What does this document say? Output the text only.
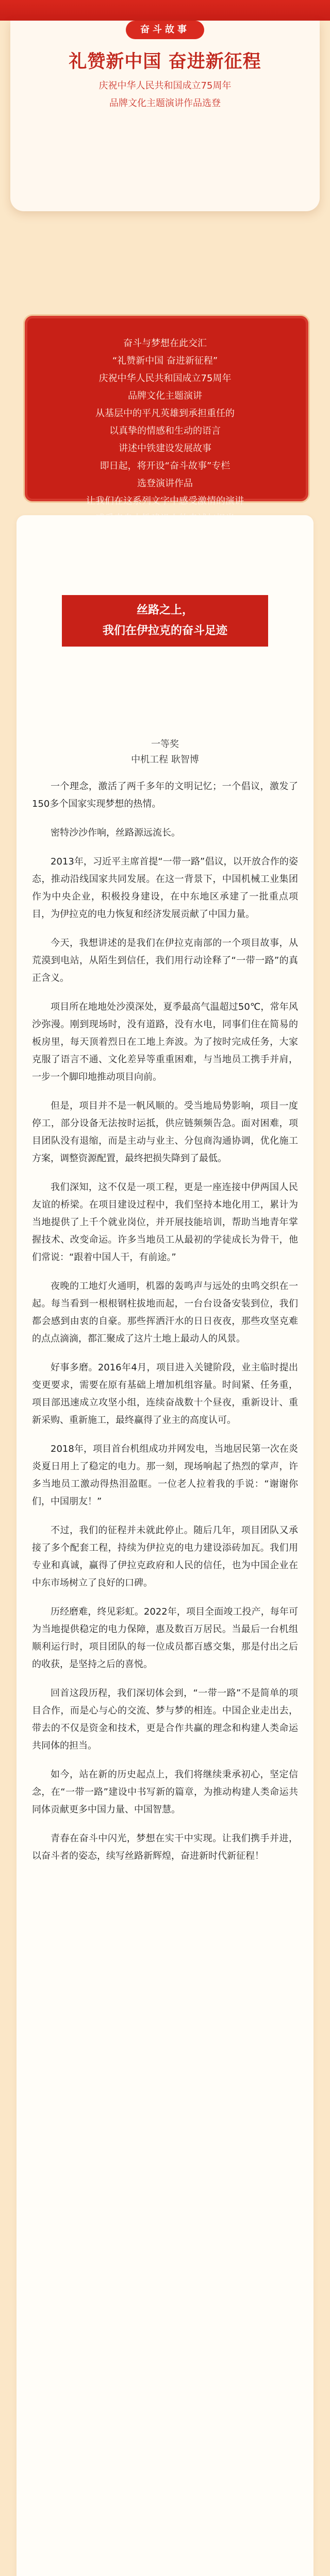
奋斗故事
礼赞新中国 奋进新征程
庆祝中华人民共和国成立75周年
品牌文化主题演讲作品选登
奋斗与梦想在此交汇
“礼赞新中国 奋进新征程”
庆祝中华人民共和国成立75周年
品牌文化主题演讲
从基层中的平凡英雄到承担重任的
以真挚的情感和生动的语言
讲述中铁建设发展故事
即日起，将开设“奋斗故事”专栏
选登演讲作品
让我们在这系列文字中感受激情的演讲

丝路之上，
我们在伊拉克的奋斗足迹
一等奖
中机工程 耿智博

一个理念，激活了两千多年的文明记忆；一个倡议，激发了150多个国家实现梦想的热情。

密特沙沙作响，丝路源远流长。

2013年，习近平主席首提“一带一路”倡议，以开放合作的姿态，推动沿线国家共同发展。在这一背景下，中国机械工业集团作为中央企业，积极投身建设，在中东地区承建了一批重点项目，为伊拉克的电力恢复和经济发展贡献了中国力量。

今天，我想讲述的是我们在伊拉克南部的一个项目故事，从荒漠到电站，从陌生到信任，我们用行动诠释了“一带一路”的真正含义。

项目所在地地处沙漠深处，夏季最高气温超过50℃，常年风沙弥漫。刚到现场时，没有道路，没有水电，同事们住在简易的板房里，每天顶着烈日在工地上奔波。为了按时完成任务，大家克服了语言不通、文化差异等重重困难，与当地员工携手并肩，一步一个脚印地推动项目向前。

但是，项目并不是一帆风顺的。受当地局势影响，项目一度停工，部分设备无法按时运抵，供应链频频告急。面对困难，项目团队没有退缩，而是主动与业主、分包商沟通协调，优化施工方案，调整资源配置，最终把损失降到了最低。

我们深知，这不仅是一项工程，更是一座连接中伊两国人民友谊的桥梁。在项目建设过程中，我们坚持本地化用工，累计为当地提供了上千个就业岗位，并开展技能培训，帮助当地青年掌握技术、改变命运。许多当地员工从最初的学徒成长为骨干，他们常说：“跟着中国人干，有前途。”

夜晚的工地灯火通明，机器的轰鸣声与远处的虫鸣交织在一起。每当看到一根根钢柱拔地而起，一台台设备安装到位，我们都会感到由衷的自豪。那些挥洒汗水的日日夜夜，那些攻坚克难的点点滴滴，都汇聚成了这片土地上最动人的风景。

好事多磨。2016年4月，项目进入关键阶段，业主临时提出变更要求，需要在原有基础上增加机组容量。时间紧、任务重，项目部迅速成立攻坚小组，连续奋战数十个昼夜，重新设计、重新采购、重新施工，最终赢得了业主的高度认可。

2018年，项目首台机组成功并网发电，当地居民第一次在炎炎夏日用上了稳定的电力。那一刻，现场响起了热烈的掌声，许多当地员工激动得热泪盈眶。一位老人拉着我的手说：“谢谢你们，中国朋友！”

不过，我们的征程并未就此停止。随后几年，项目团队又承接了多个配套工程，持续为伊拉克的电力建设添砖加瓦。我们用专业和真诚，赢得了伊拉克政府和人民的信任，也为中国企业在中东市场树立了良好的口碑。

历经磨难，终见彩虹。2022年，项目全面竣工投产，每年可为当地提供稳定的电力保障，惠及数百万居民。当最后一台机组顺利运行时，项目团队的每一位成员都百感交集，那是付出之后的收获，是坚持之后的喜悦。

回首这段历程，我们深切体会到，“一带一路”不是简单的项目合作，而是心与心的交流、梦与梦的相连。中国企业走出去，带去的不仅是资金和技术，更是合作共赢的理念和构建人类命运共同体的担当。

如今，站在新的历史起点上，我们将继续秉承初心，坚定信念，在“一带一路”建设中书写新的篇章，为推动构建人类命运共同体贡献更多中国力量、中国智慧。

青春在奋斗中闪光，梦想在实干中实现。让我们携手并进，以奋斗者的姿态，续写丝路新辉煌，奋进新时代新征程！
